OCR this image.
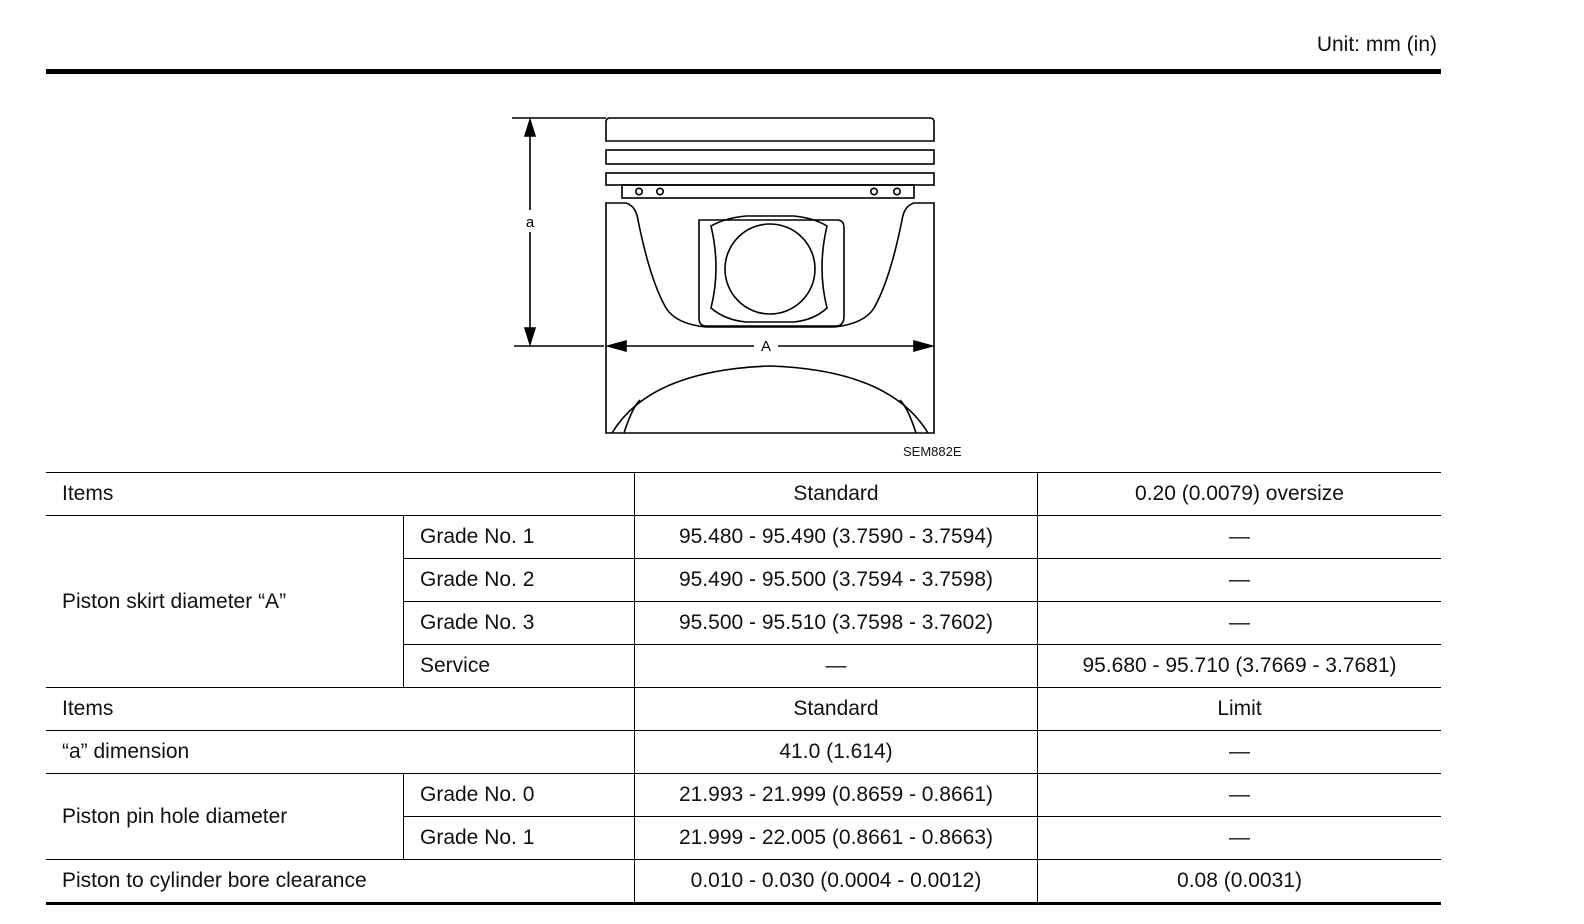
Unit: mm (in)
a
A
SEM882E
Items		Standard	0.20 (0.0079) oversize
Piston skirt diameter “A”	Grade No. 1	95.480 - 95.490 (3.7590 - 3.7594)	—
	Grade No. 2	95.490 - 95.500 (3.7594 - 3.7598)	—
	Grade No. 3	95.500 - 95.510 (3.7598 - 3.7602)	—
	Service	—	95.680 - 95.710 (3.7669 - 3.7681)
Items		Standard	Limit
“a” dimension		41.0 (1.614)	—
Piston pin hole diameter	Grade No. 0	21.993 - 21.999 (0.8659 - 0.8661)	—
	Grade No. 1	21.999 - 22.005 (0.8661 - 0.8663)	—
Piston to cylinder bore clearance		0.010 - 0.030 (0.0004 - 0.0012)	0.08 (0.0031)
